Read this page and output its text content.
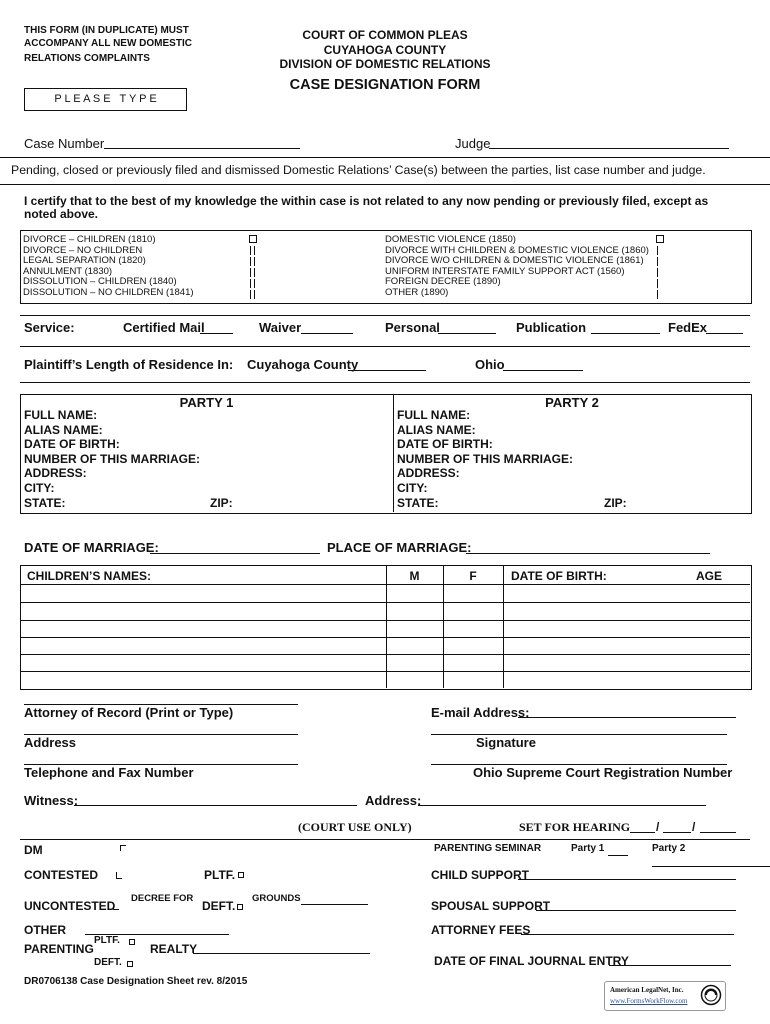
THIS FORM (IN DUPLICATE) MUST
ACCOMPANY ALL NEW DOMESTIC
RELATIONS COMPLAINTS
P L E A S E   T Y P E
COURT OF COMMON PLEAS
CUYAHOGA COUNTY
DIVISION OF DOMESTIC RELATIONS
CASE DESIGNATION FORM
Case Number	Judge
Pending, closed or previously filed and dismissed Domestic Relations’ Case(s) between the parties, list case number and judge.
I certify that to the best of my knowledge the within case is not related to any now pending or previously filed, except as
noted above.
DIVORCE – CHILDREN (1810)
DIVORCE – NO CHILDREN
LEGAL SEPARATION (1820)
ANNULMENT (1830)
DISSOLUTION – CHILDREN (1840)
DISSOLUTION – NO CHILDREN (1841)
DOMESTIC VIOLENCE (1850)
DIVORCE WITH CHILDREN & DOMESTIC VIOLENCE (1860)
DIVORCE W/O CHILDREN & DOMESTIC VIOLENCE (1861)
UNIFORM INTERSTATE FAMILY SUPPORT ACT (1560)
FOREIGN DECREE (1890)
OTHER (1890)
Service:	Certified Mail	Waiver	Personal	Publication	FedEx
Plaintiff’s Length of Residence In: Cuyahoga County	Ohio
PARTY 1	PARTY 2
FULL NAME:
ALIAS NAME:
DATE OF BIRTH:
NUMBER OF THIS MARRIAGE:
ADDRESS:
CITY:
STATE:	ZIP:
FULL NAME:
ALIAS NAME:
DATE OF BIRTH:
NUMBER OF THIS MARRIAGE:
ADDRESS:
CITY:
STATE:	ZIP:
DATE OF MARRIAGE:	PLACE OF MARRIAGE:
CHILDREN’S NAMES:	M	F	DATE OF BIRTH:	AGE
Attorney of Record (Print or Type)	E-mail Address:
Address	Signature
Telephone and Fax Number	Ohio Supreme Court Registration Number
Witness:	Address:
(COURT USE ONLY)	SET FOR HEARING /	/
DM
CONTESTED	PLTF.
DECREE FOR	GROUNDS
UNCONTESTED	DEFT.
OTHER
PLTF.
PARENTING	REALTY
DEFT.
PARENTING SEMINAR	Party 1	Party 2
CHILD SUPPORT
SPOUSAL SUPPORT
ATTORNEY FEES
DATE OF FINAL JOURNAL ENTRY
DR0706138 Case Designation Sheet rev. 8/2015
American LegalNet, Inc.
www.FormsWorkFlow.com
